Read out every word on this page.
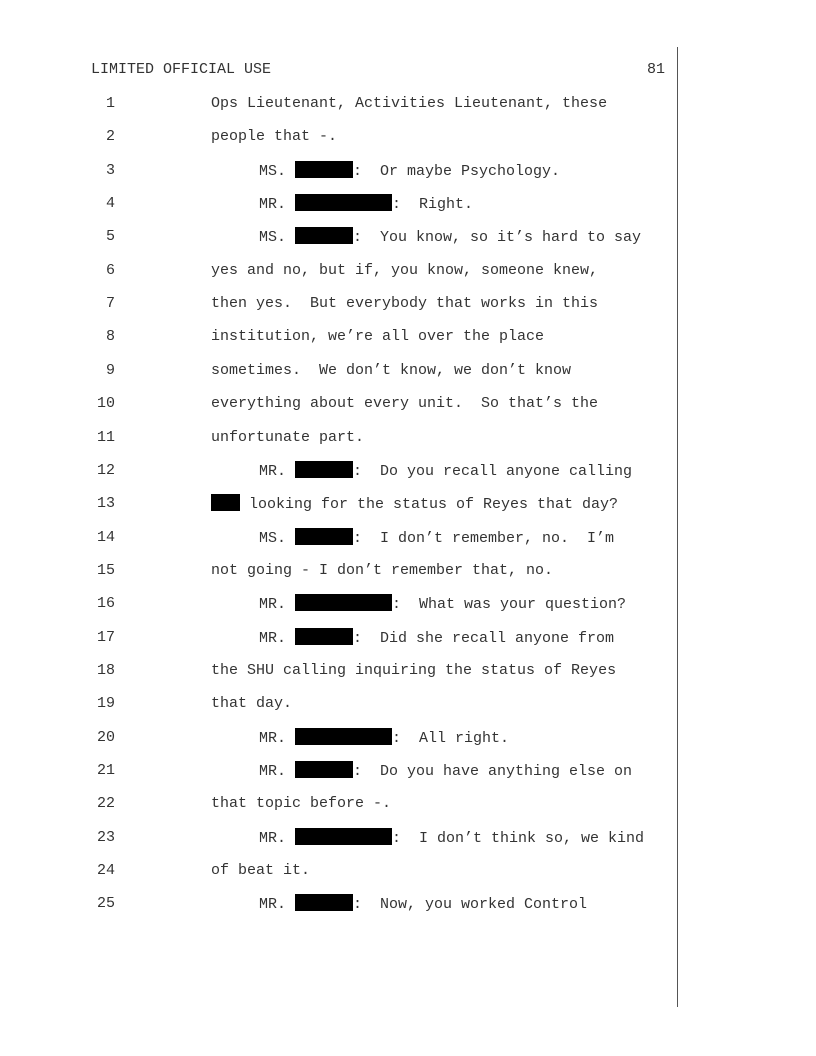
LIMITED OFFICIAL USE	81
1	Ops Lieutenant, Activities Lieutenant, these
2	people that -.
3	MS.	:  Or maybe Psychology.
4	MR.	:  Right.
5	MS.	:  You know, so it’s hard to say
6	yes and no, but if, you know, someone knew,
7	then yes.  But everybody that works in this
8	institution, we’re all over the place
9	sometimes.  We don’t know, we don’t know
10	everything about every unit.  So that’s the
11	unfortunate part.
12	MR.	:  Do you recall anyone calling
13	looking for the status of Reyes that day?
14	MS.	:  I don’t remember, no.  I’m
15	not going - I don’t remember that, no.
16	MR.	:  What was your question?
17	MR.	:  Did she recall anyone from
18	the SHU calling inquiring the status of Reyes
19	that day.
20	MR.	:  All right.
21	MR.	:  Do you have anything else on
22	that topic before -.
23	MR.	:  I don’t think so, we kind
24	of beat it.
25	MR.	:  Now, you worked Control
